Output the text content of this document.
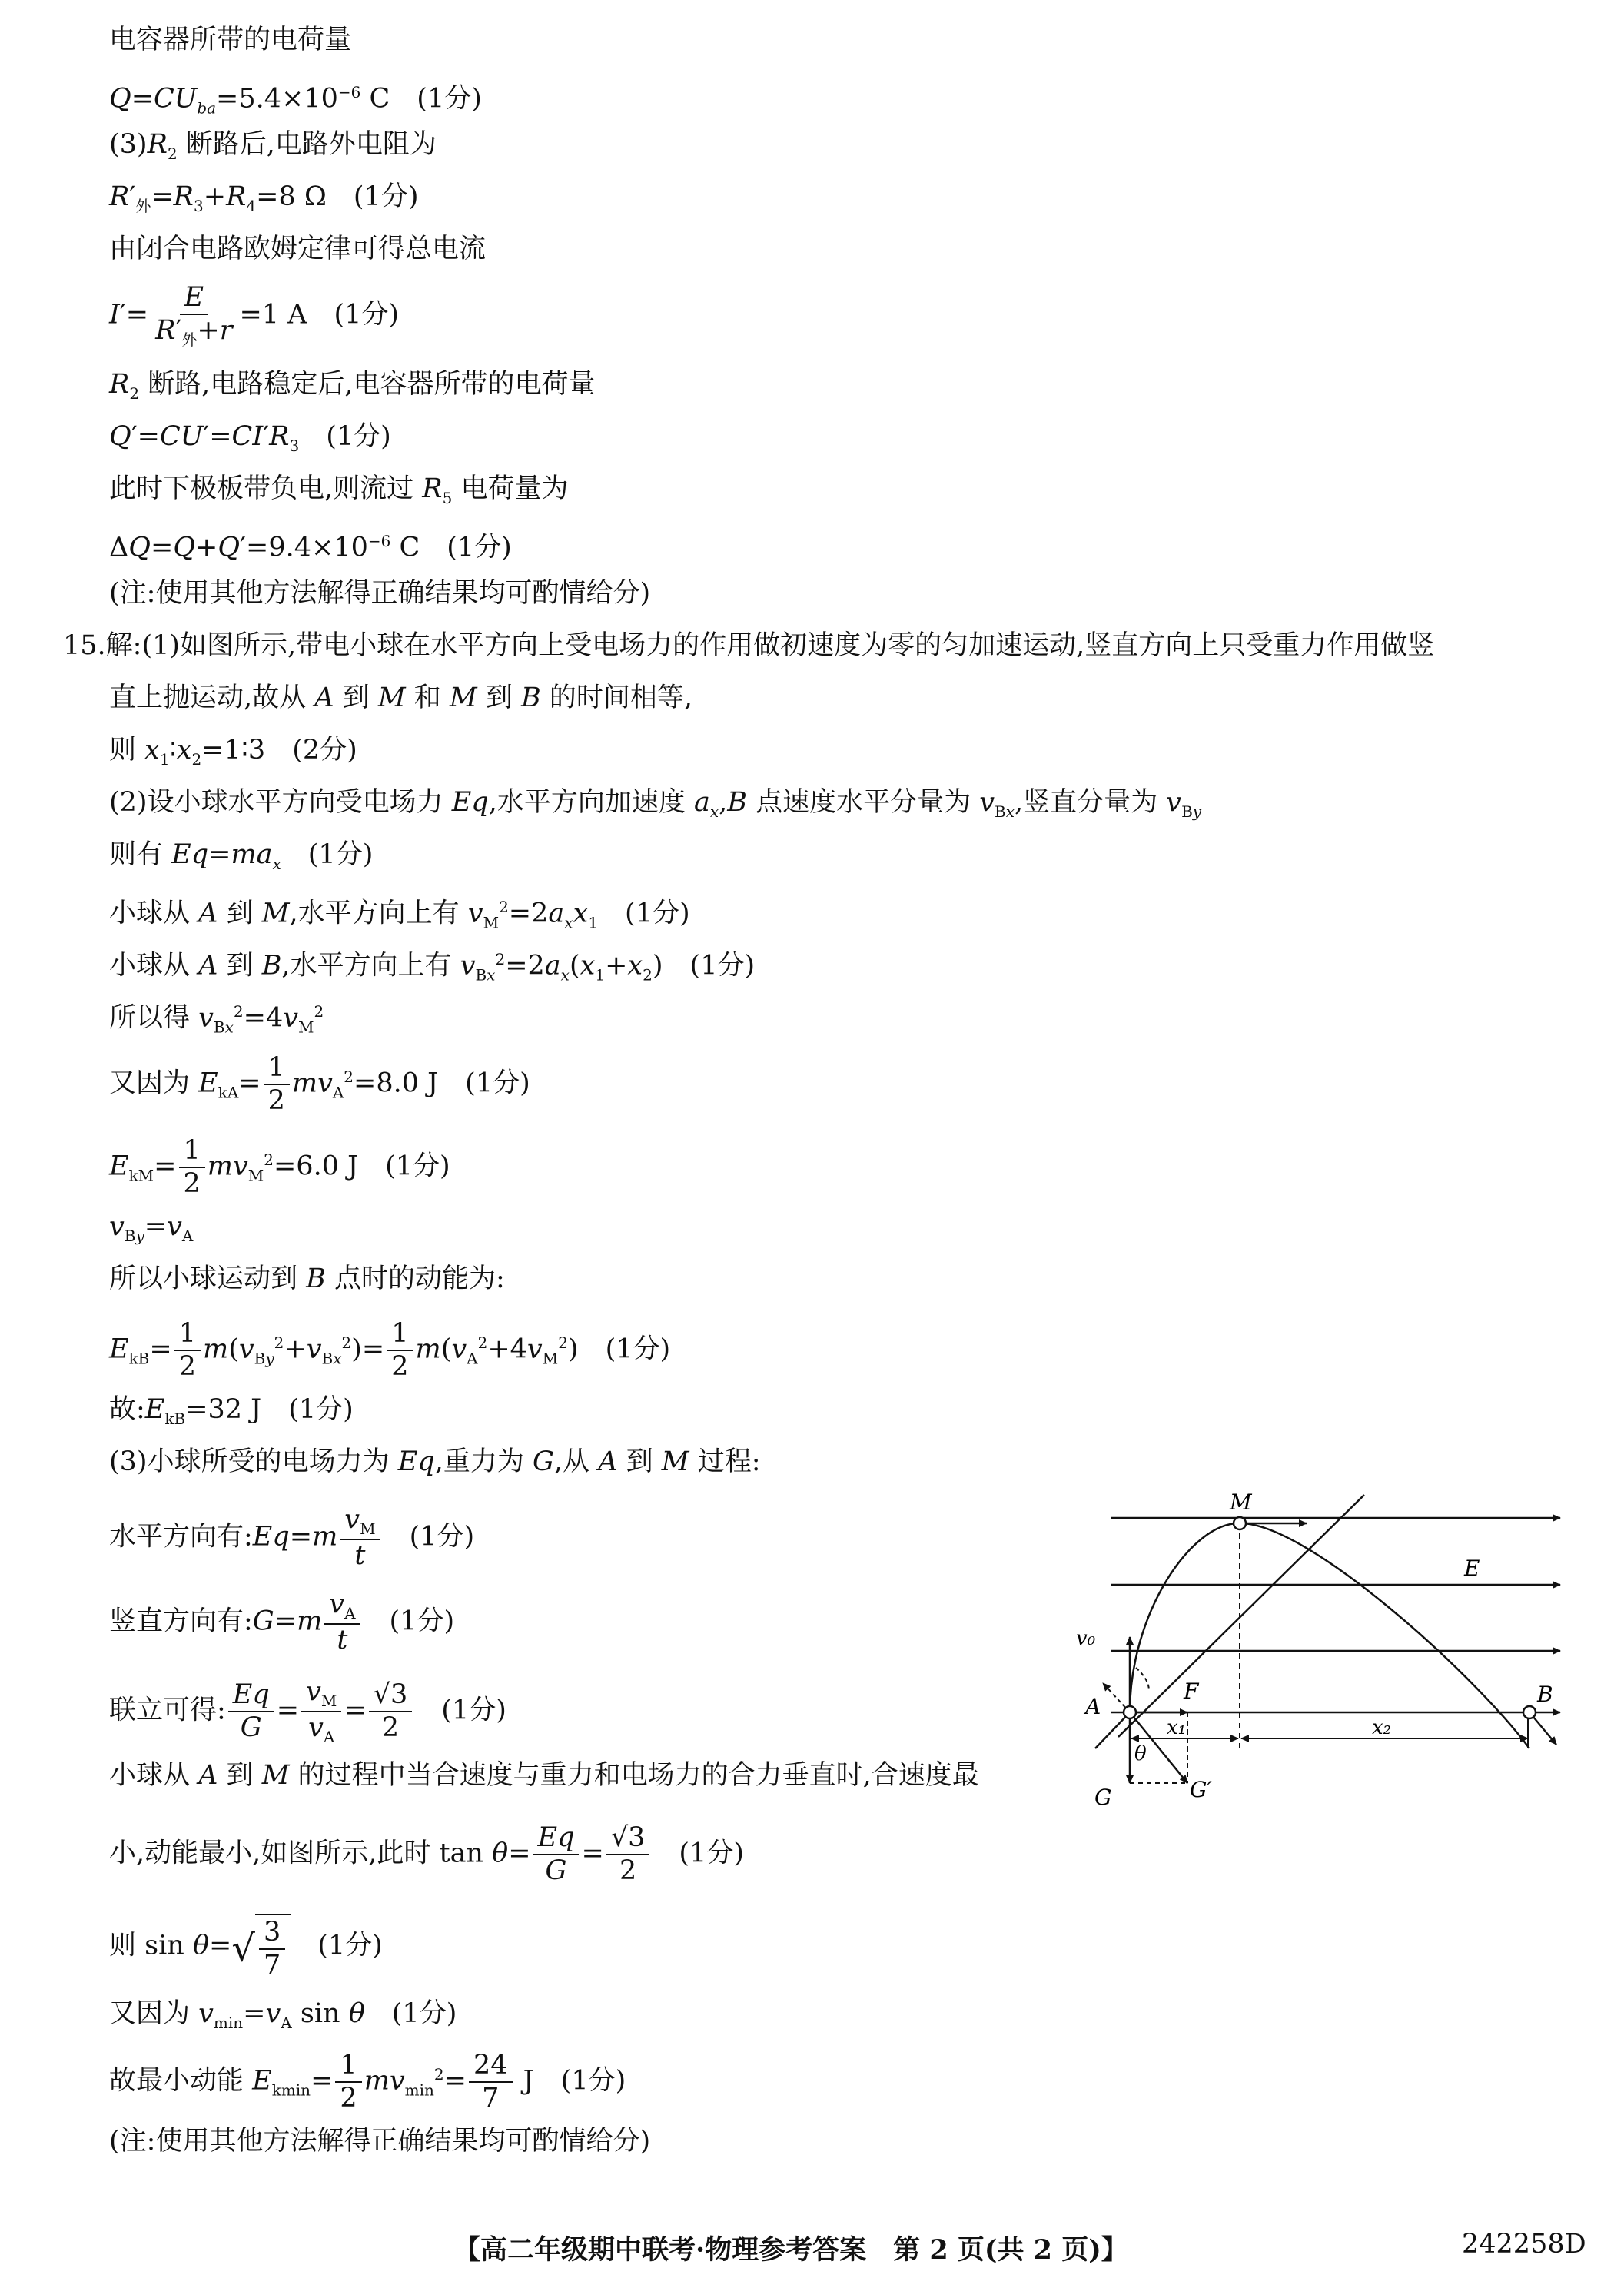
电容器所带的电荷量
$Q=CU_{ba}=5.4\times 10^{-6}$ C　(1分)
$(3)R_2$ 断路后,电路外电阻为
$R'_外=R_3+R_4=8$ Ω　(1分)
由闭合电路欧姆定律可得总电流
$I'= \frac{E}{R'_外+r} =1$ A　(1分)
$R_2$ 断路,电路稳定后,电容器所带的电荷量
$Q'=CU'=CI'R_3$　(1分)
此时下极板带负电,则流过 $R_5$ 电荷量为
$\Delta Q=Q+Q'=9.4\times 10^{-6}$ C　(1分)
(注:使用其他方法解得正确结果均可酌情给分)
15.解:(1)如图所示,带电小球在水平方向上受电场力的作用做初速度为零的匀加速运动,竖直方向上只受重力作用做竖
直上抛运动,故从 A 到 M 和 M 到 B 的时间相等,
则 $x_1∶x_2=1∶3$　(2分)
(2)设小球水平方向受电场力 Eq,水平方向加速度 $a_x,B$ 点速度水平分量为 $v_{Bx}$,竖直分量为 $v_{By}$
则有 $Eq=ma_x$　(1分)
小球从 A 到 M,水平方向上有 $v_M^2=2a_xx_1$　(1分)
小球从 A 到 B,水平方向上有 $v_{Bx}^2=2a_x(x_1+x_2)$　(1分)
所以得 $v_{Bx}^2=4v_M^2$
又因为 $E_{kA}= \frac{1}{2} mv_A^2=8.0$ J　(1分)
$E_{kM}= \frac{1}{2} mv_M^2=6.0$ J　(1分)
$v_{By}=v_A$
所以小球运动到 B 点时的动能为:
$E_{kB}= \frac{1}{2} m(v_{By}^2+v_{Bx}^2)= \frac{1}{2} m(v_A^2+4v_M^2)$　(1分)
故$:E_{kB}=32$ J　(1分)
(3)小球所受的电场力为 Eq,重力为 G,从 A 到 M 过程:
水平方向有:Eq=m $\frac{v_M}{t}$ 　(1分)
竖直方向有:G=m $\frac{v_A}{t}$ 　(1分)
联立可得: $\frac{Eq}{G} = \frac{v_M}{v_A} = \frac{√3}{2}$ 　(1分)
小球从 A 到 M 的过程中当合速度与重力和电场力的合力垂直时,合速度最
小,动能最小,如图所示,此时 $\tan \theta= \frac{Eq}{G} = \frac{√3}{2}$ 　(1分)
则 $\sin \theta=√ \frac{3}{7}$ 　(1分)
又因为 $v_{min}=v_A$ sin θ　(1分)
故最小动能 $E_{kmin}= \frac{1}{2} mv_{min}^2= \frac{24}{7}$ J　(1分)
(注:使用其他方法解得正确结果均可酌情给分)
M
E
v₀
A
F	B
x₁	x₂
θ
G	G′
【高二年级期中联考·物理参考答案　第 2 页(共 2 页)】	242258D
